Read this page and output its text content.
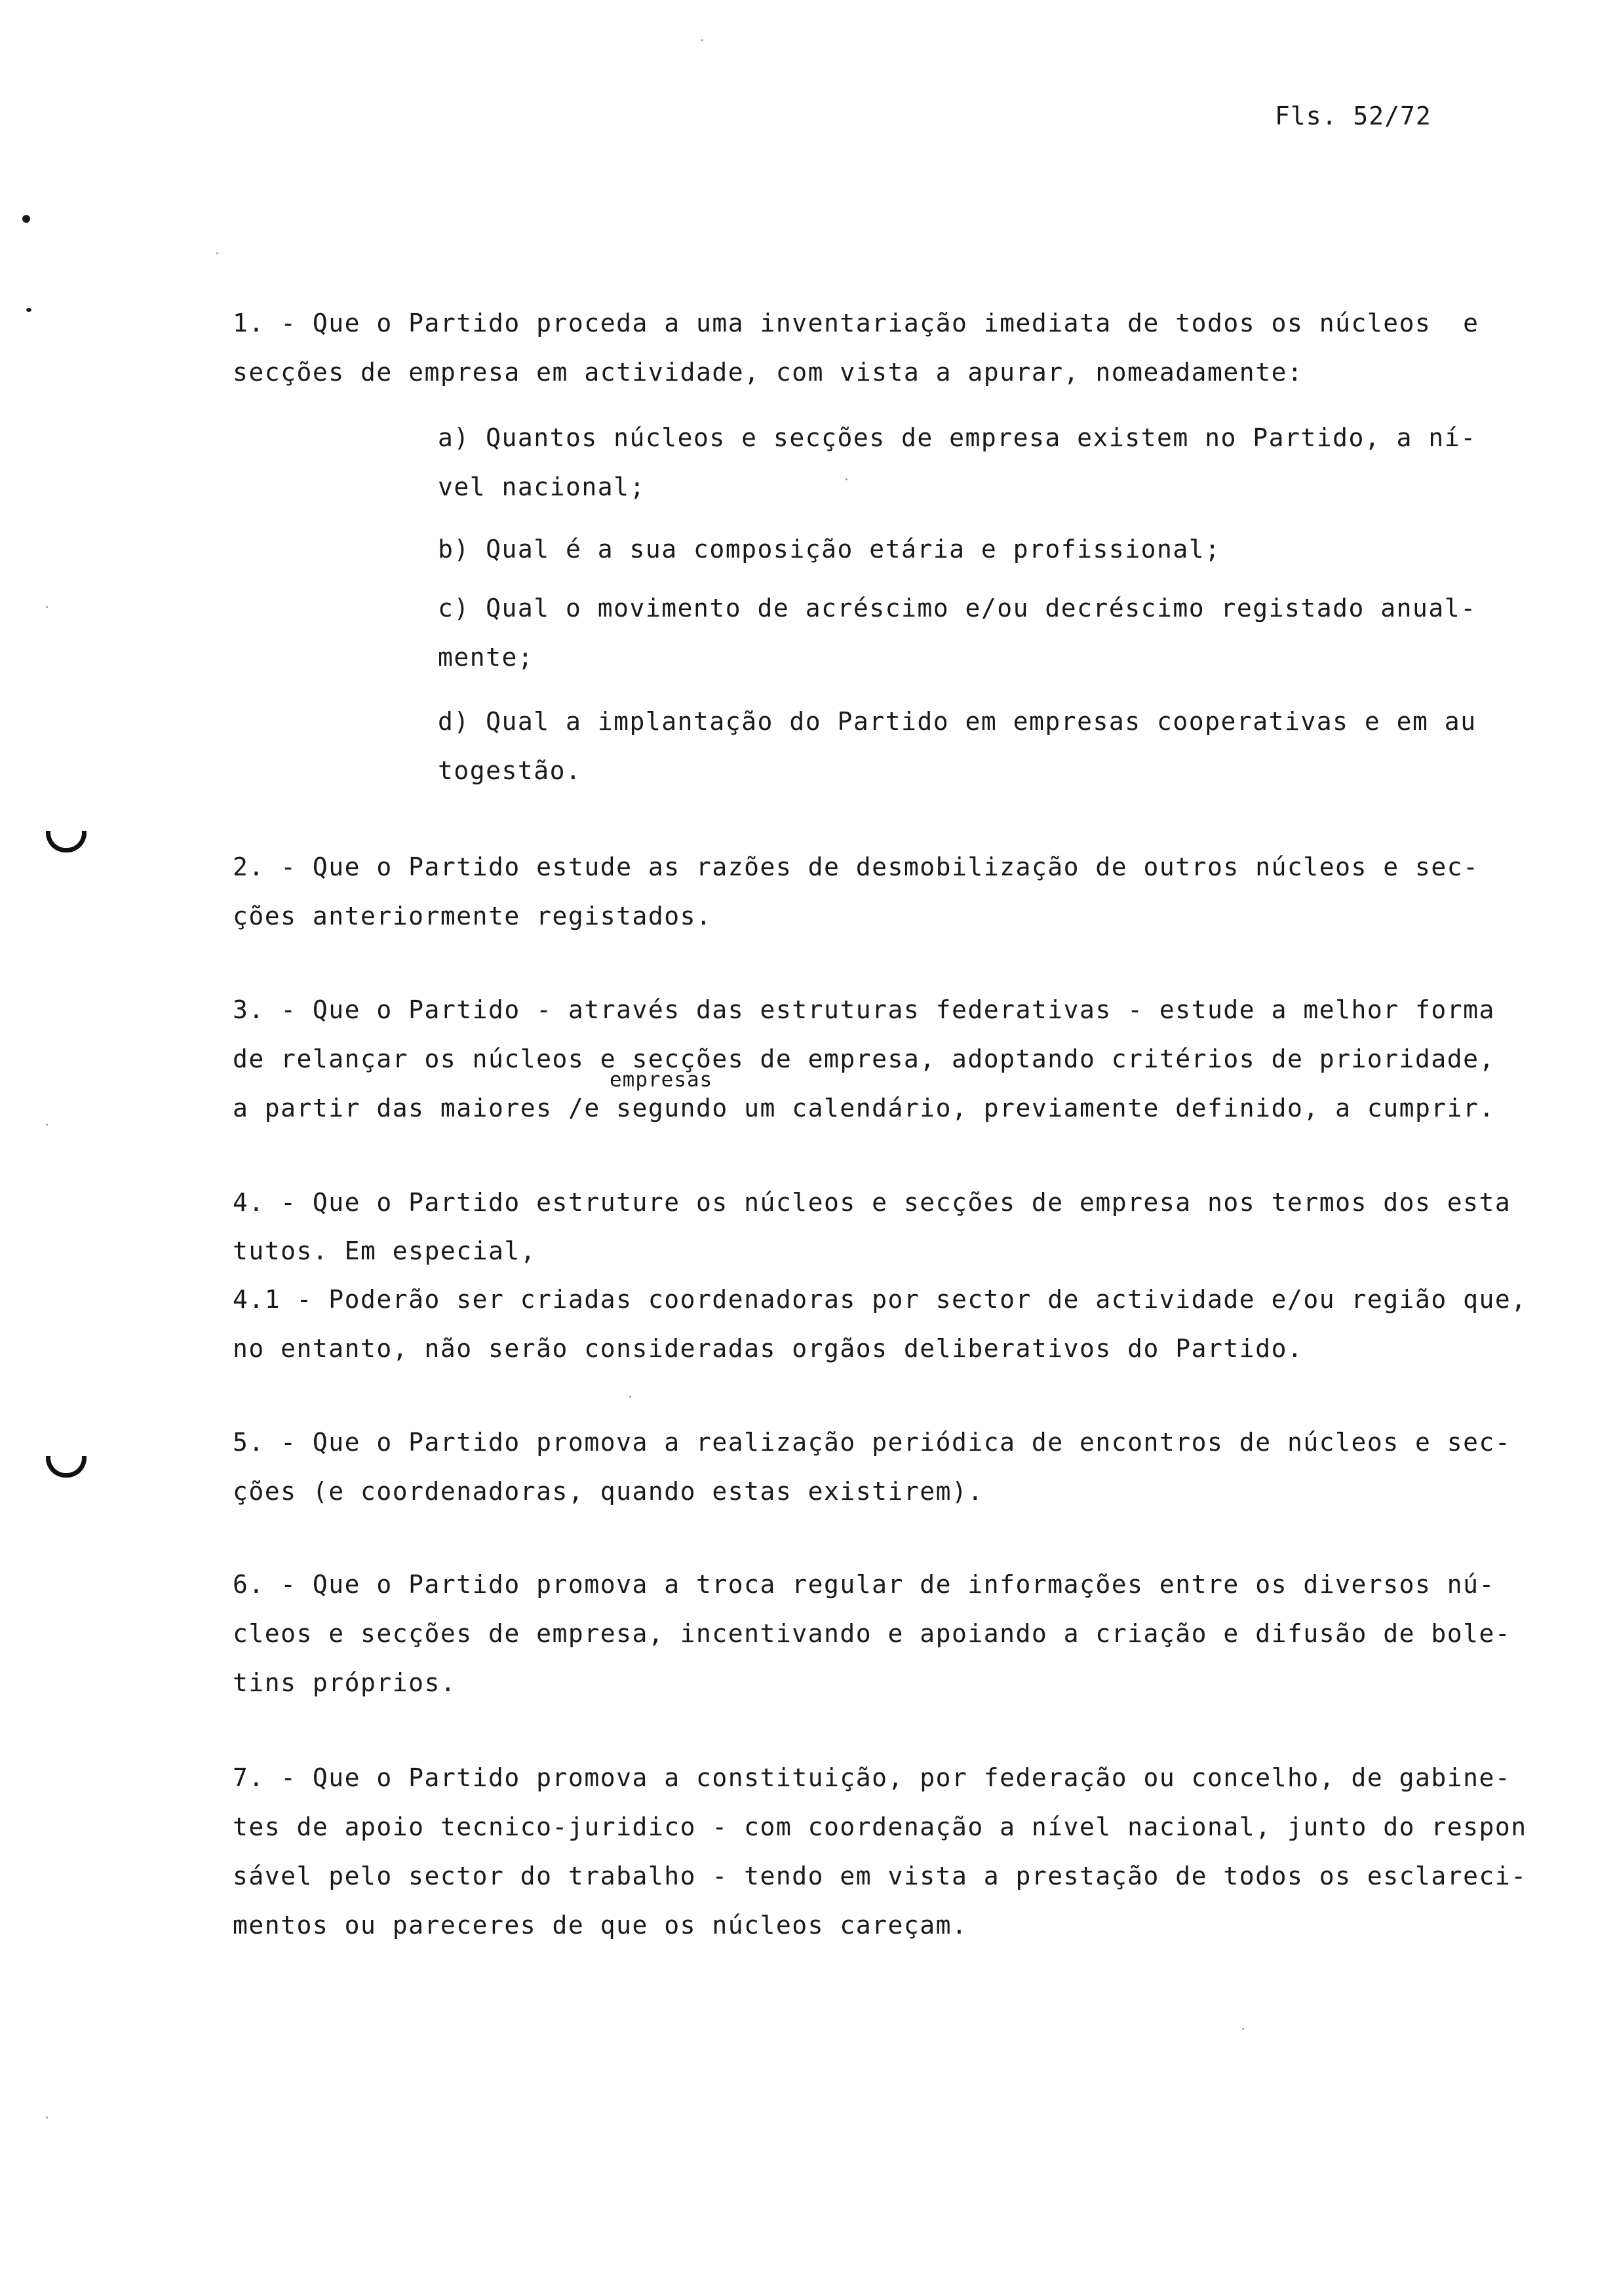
Fls. 52/72
1. - Que o Partido proceda a uma inventariação imediata de todos os núcleos  e
secções de empresa em actividade, com vista a apurar, nomeadamente:
a) Quantos núcleos e secções de empresa existem no Partido, a ní-
vel nacional;
b) Qual é a sua composição etária e profissional;
c) Qual o movimento de acréscimo e/ou decréscimo registado anual-
mente;
d) Qual a implantação do Partido em empresas cooperativas e em au
togestão.
2. - Que o Partido estude as razões de desmobilização de outros núcleos e sec-
ções anteriormente registados.
3. - Que o Partido - através das estruturas federativas - estude a melhor forma
de relançar os núcleos e secções de empresa, adoptando critérios de prioridade,
empresas
a partir das maiores /e segundo um calendário, previamente definido, a cumprir.
4. - Que o Partido estruture os núcleos e secções de empresa nos termos dos esta
tutos. Em especial,
4.1 - Poderão ser criadas coordenadoras por sector de actividade e/ou região que,
no entanto, não serão consideradas orgãos deliberativos do Partido.
5. - Que o Partido promova a realização periódica de encontros de núcleos e sec-
ções (e coordenadoras, quando estas existirem).
6. - Que o Partido promova a troca regular de informações entre os diversos nú-
cleos e secções de empresa, incentivando e apoiando a criação e difusão de bole-
tins próprios.
7. - Que o Partido promova a constituição, por federação ou concelho, de gabine-
tes de apoio tecnico-juridico - com coordenação a nível nacional, junto do respon
sável pelo sector do trabalho - tendo em vista a prestação de todos os esclareci-
mentos ou pareceres de que os núcleos careçam.
